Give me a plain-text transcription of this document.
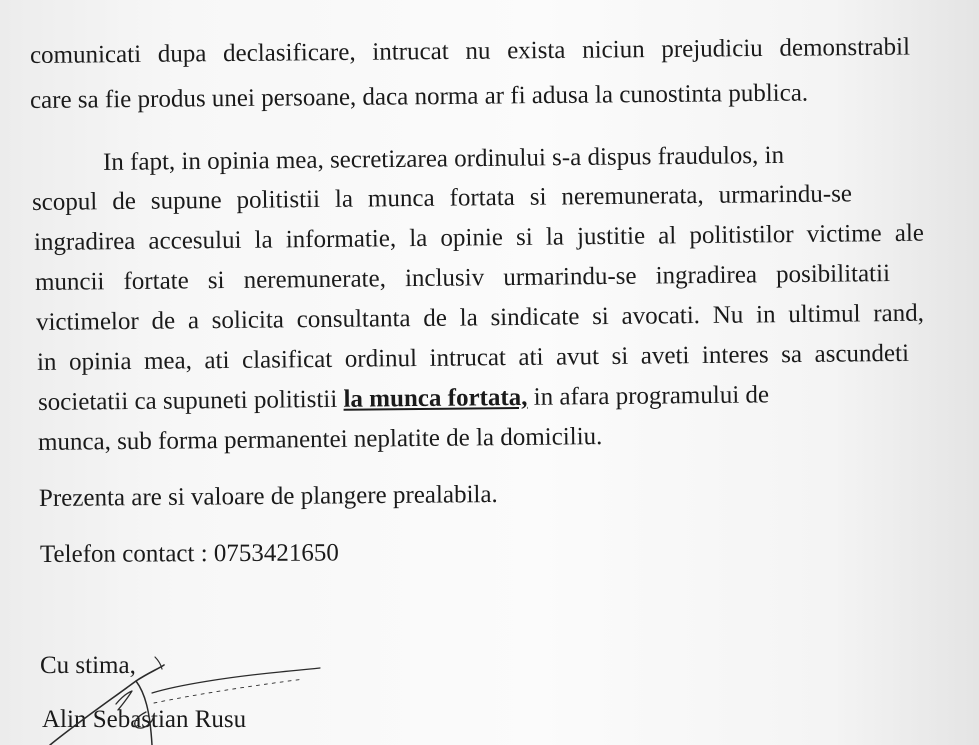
comunicati dupa declasificare, intrucat nu exista niciun prejudiciu demonstrabil
care sa fie produs unei persoane, daca norma ar fi adusa la cunostinta publica.
In fapt, in opinia mea, secretizarea ordinului s-a dispus fraudulos, in
scopul de supune politistii la munca fortata si neremunerata, urmarindu-se
ingradirea accesului la informatie, la opinie si la justitie al politistilor victime ale
muncii fortate si neremunerate, inclusiv urmarindu-se ingradirea posibilitatii
victimelor de a solicita consultanta de la sindicate si avocati. Nu in ultimul rand,
in opinia mea, ati clasificat ordinul intrucat ati avut si aveti interes sa ascundeti
societatii ca supuneti politistii la munca fortata, in afara programului de
munca, sub forma permanentei neplatite de la domiciliu.
Prezenta are si valoare de plangere prealabila.
Telefon contact : 0753421650
Cu stima,
Alin Sebastian Rusu
